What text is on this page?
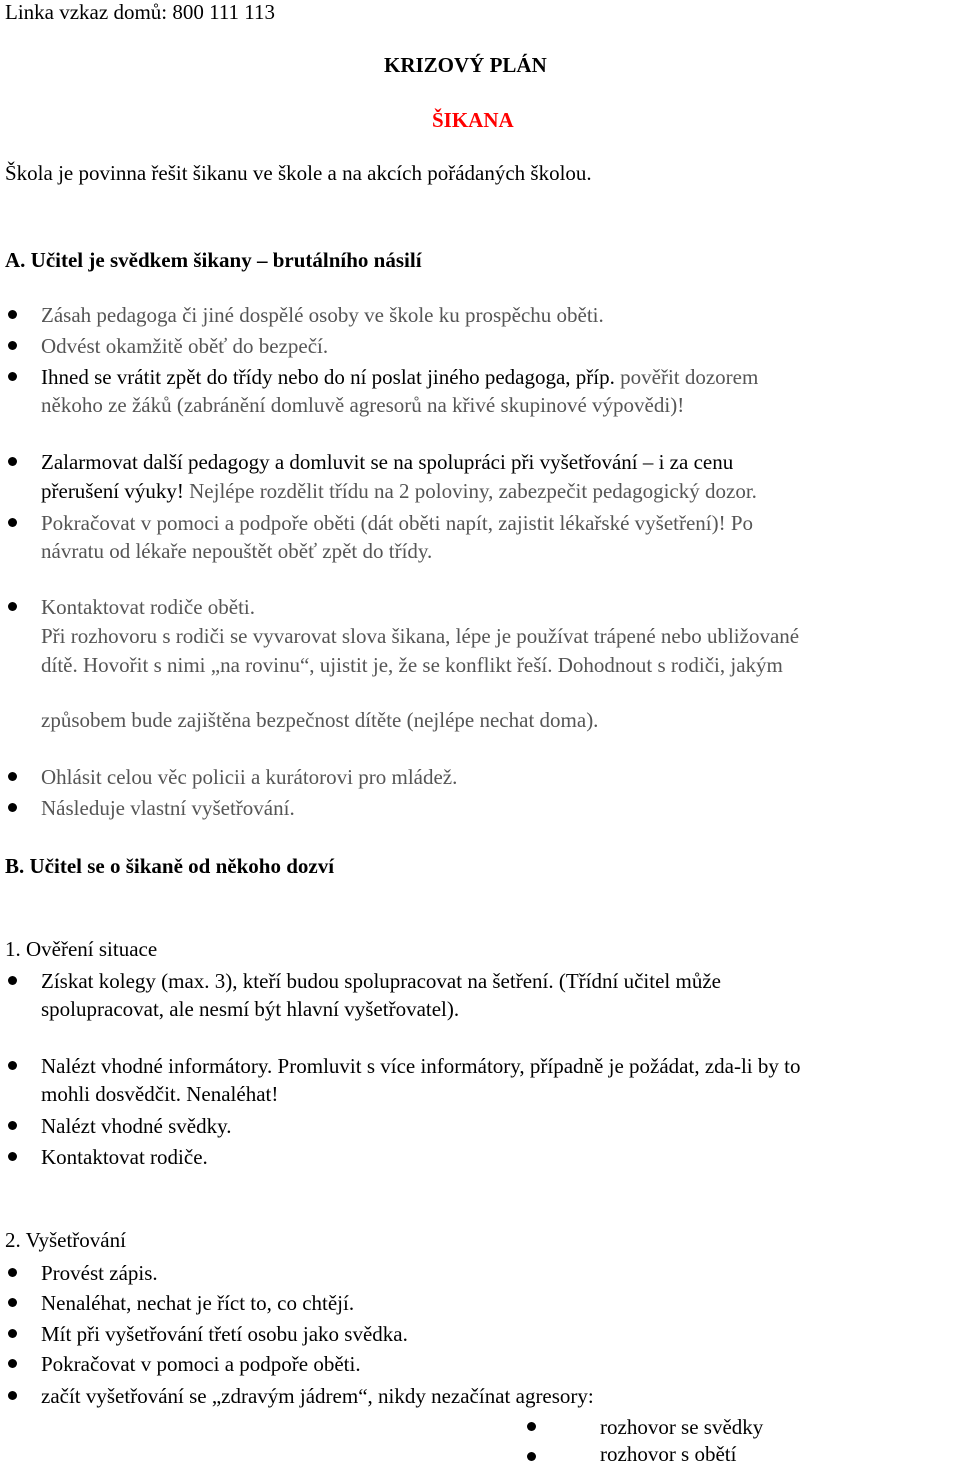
Linka vzkaz domů: 800 111 113
KRIZOVÝ PLÁN
ŠIKANA
Škola je povinna řešit šikanu ve škole a na akcích pořádaných školou.
A. Učitel je svědkem šikany – brutálního násilí
Zásah pedagoga či jiné dospělé osoby ve škole ku prospěchu oběti.
Odvést okamžitě oběť do bezpečí.
Ihned se vrátit zpět do třídy nebo do ní poslat jiného pedagoga, příp. pověřit dozorem
někoho ze žáků (zabránění domluvě agresorů na křivé skupinové výpovědi)!
Zalarmovat další pedagogy a domluvit se na spolupráci při vyšetřování – i za cenu
přerušení výuky! Nejlépe rozdělit třídu na 2 poloviny, zabezpečit pedagogický dozor.
Pokračovat v pomoci a podpoře oběti (dát oběti napít, zajistit lékařské vyšetření)! Po
návratu od lékaře nepouštět oběť zpět do třídy.
Kontaktovat rodiče oběti.
Při rozhovoru s rodiči se vyvarovat slova šikana, lépe je používat trápené nebo ubližované
dítě. Hovořit s nimi „na rovinu“, ujistit je, že se konflikt řeší. Dohodnout s rodiči, jakým
způsobem bude zajištěna bezpečnost dítěte (nejlépe nechat doma).
Ohlásit celou věc policii a kurátorovi pro mládež.
Následuje vlastní vyšetřování.
B. Učitel se o šikaně od někoho dozví
1. Ověření situace
Získat kolegy (max. 3), kteří budou spolupracovat na šetření. (Třídní učitel může
spolupracovat, ale nesmí být hlavní vyšetřovatel).
Nalézt vhodné informátory. Promluvit s více informátory, případně je požádat, zda-li by to
mohli dosvědčit. Nenaléhat!
Nalézt vhodné svědky.
Kontaktovat rodiče.
2. Vyšetřování
Provést zápis.
Nenaléhat, nechat je říct to, co chtějí.
Mít při vyšetřování třetí osobu jako svědka.
Pokračovat v pomoci a podpoře oběti.
začít vyšetřování se „zdravým jádrem“, nikdy nezačínat agresory:
rozhovor se svědky
rozhovor s obětí
